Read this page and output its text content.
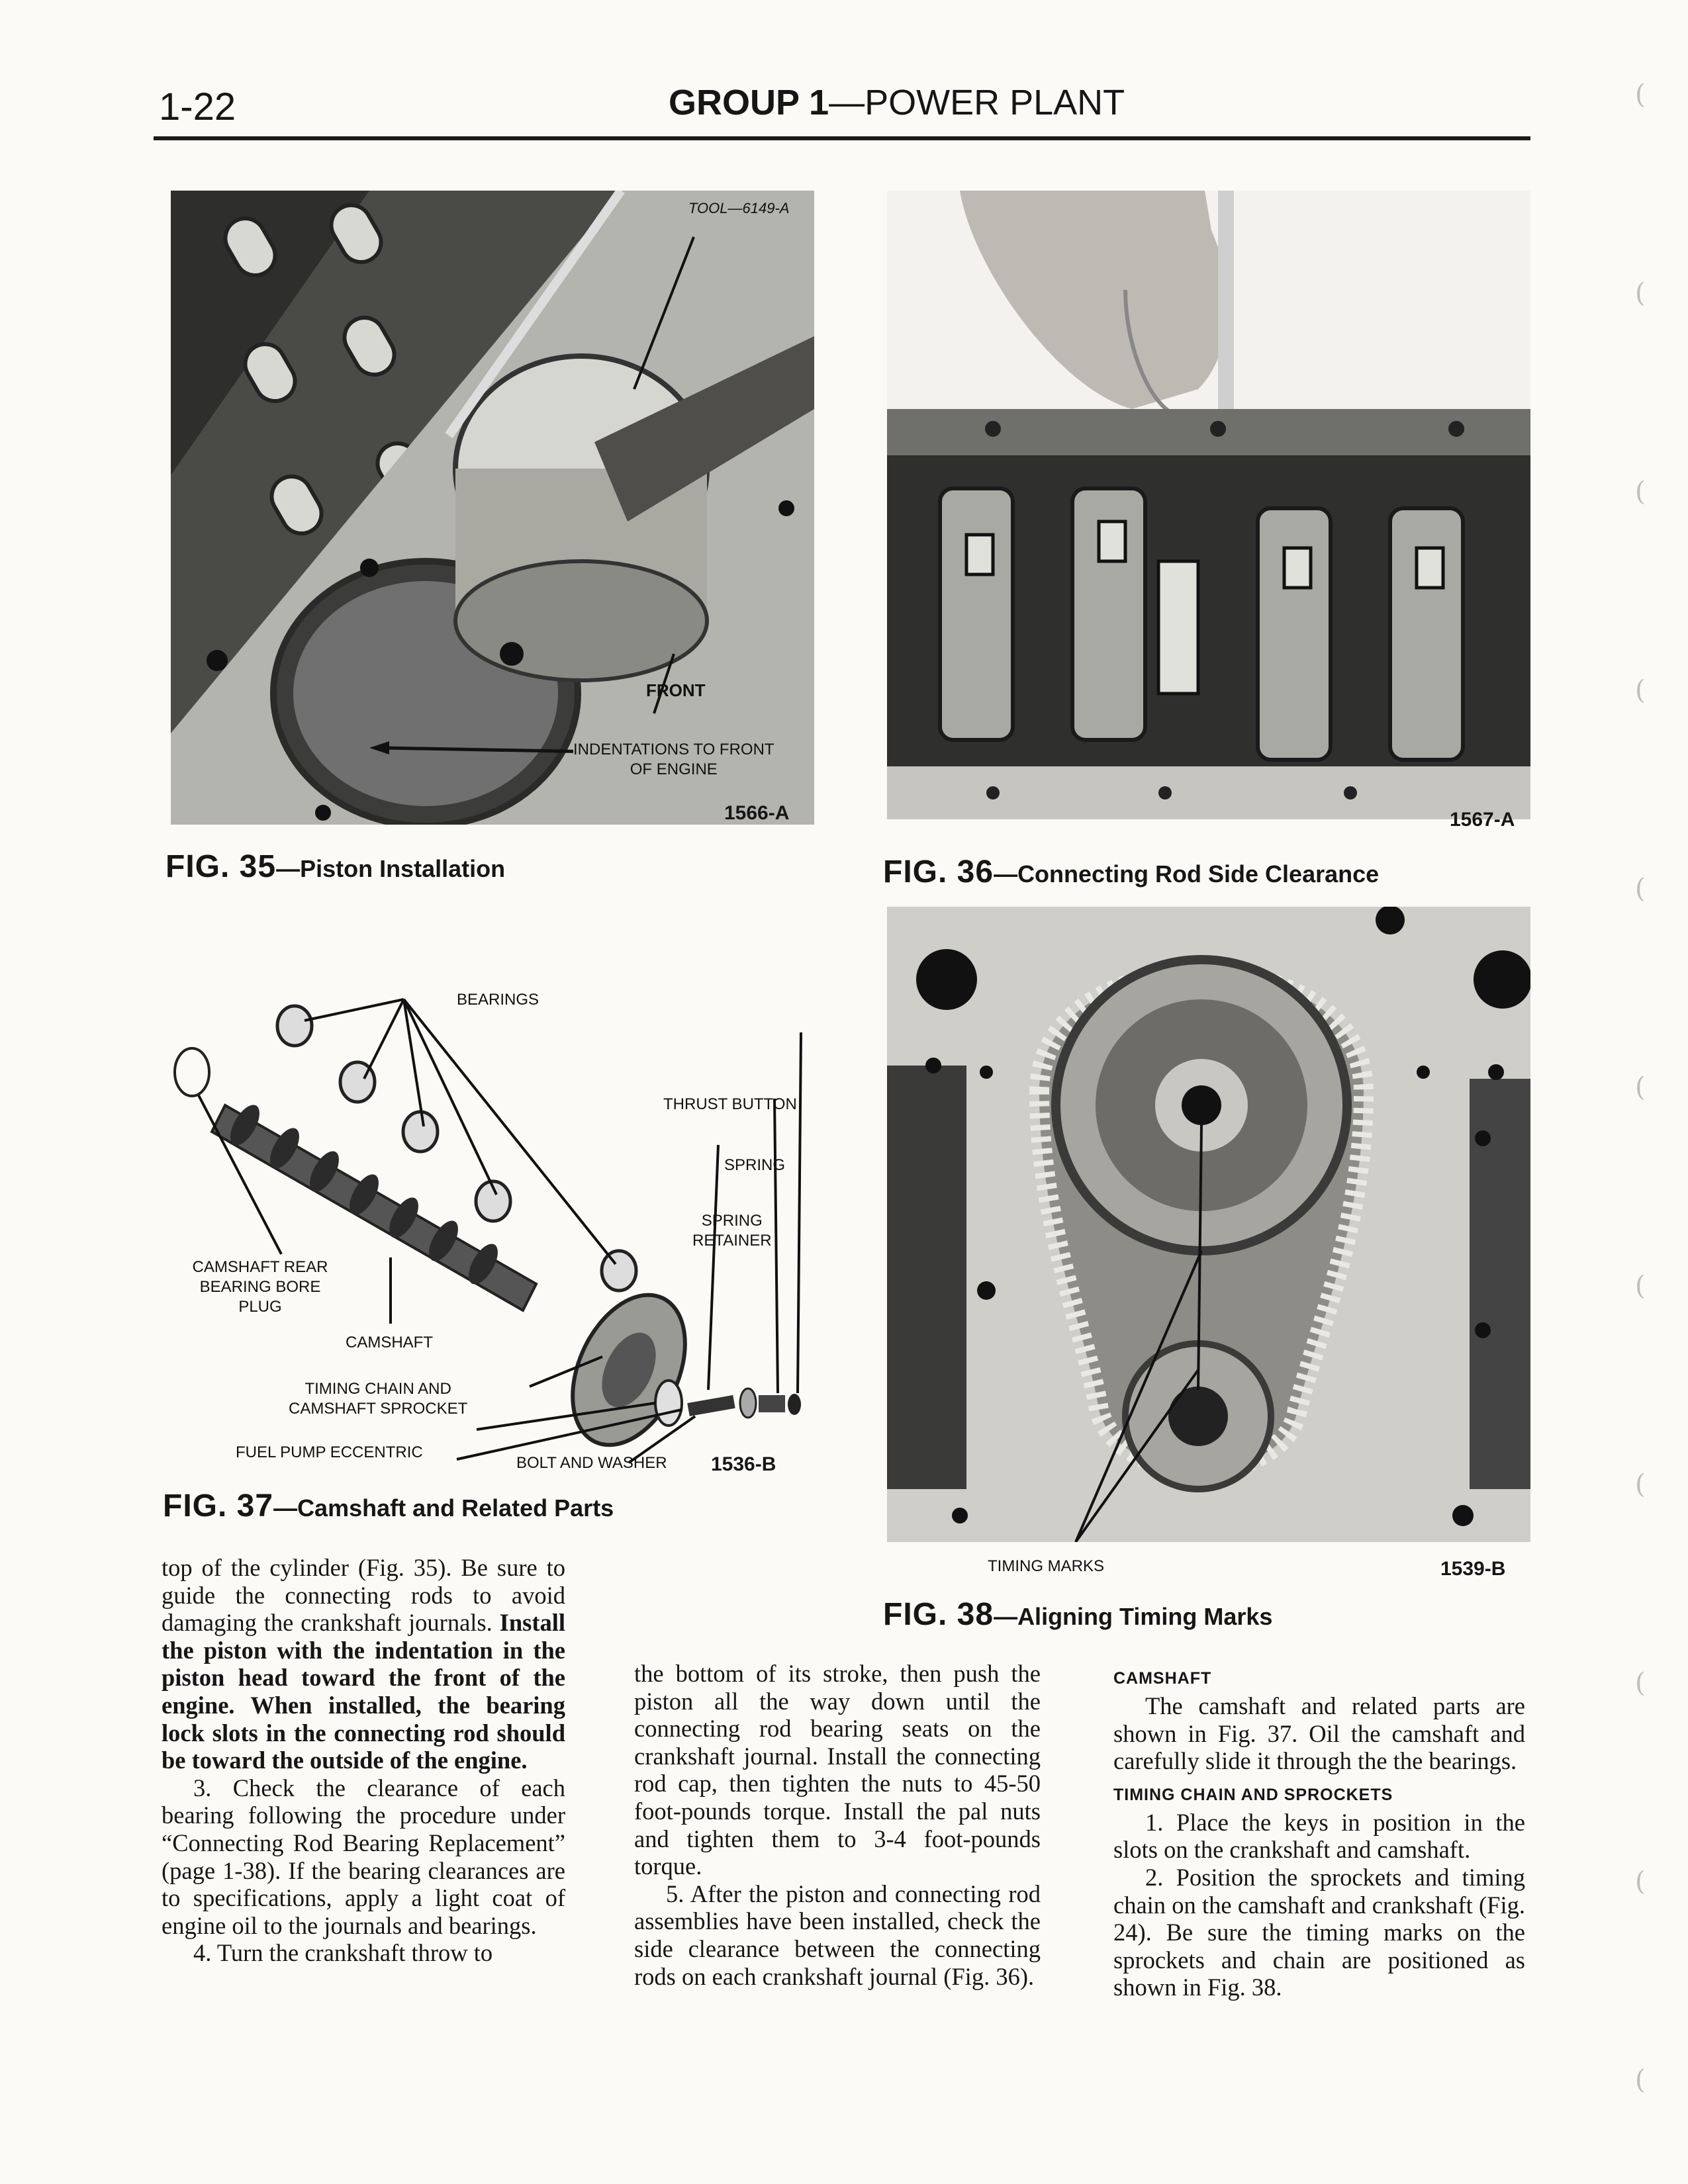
1-22	GROUP 1—POWER PLANT
TOOL—6149-A
FRONT
INDENTATIONS TO FRONT
OF ENGINE
1566-A
FIG. 35—Piston Installation
1567-A
FIG. 36—Connecting Rod Side Clearance
BEARINGS
THRUST BUTTON
SPRING
SPRING
RETAINER
CAMSHAFT REAR
BEARING BORE
PLUG
CAMSHAFT
TIMING CHAIN AND
CAMSHAFT SPROCKET
FUEL PUMP ECCENTRIC
BOLT AND WASHER 1536-B
FIG. 37—Camshaft and Related Parts
TIMING MARKS	1539-B
FIG. 38—Aligning Timing Marks

top of the cylinder (Fig. 35). Be sure to guide the connecting rods to avoid damaging the crankshaft journals. Install the piston with the indentation in the piston head toward the front of the engine. When installed, the bearing lock slots in the connecting rod should be toward the outside of the engine.

3. Check the clearance of each bearing following the procedure under “Connecting Rod Bearing Replacement” (page 1-38). If the bearing clearances are to specifications, apply a light coat of engine oil to the journals and bearings.

4. Turn the crankshaft throw to

the bottom of its stroke, then push the piston all the way down until the connecting rod bearing seats on the crankshaft journal. Install the connecting rod cap, then tighten the nuts to 45-50 foot-pounds torque. Install the pal nuts and tighten them to 3-4 foot-pounds torque.

5. After the piston and connecting rod assemblies have been installed, check the side clearance between the connecting rods on each crankshaft journal (Fig. 36).

CAMSHAFT

The camshaft and related parts are shown in Fig. 37. Oil the camshaft and carefully slide it through the the bearings.

TIMING CHAIN AND SPROCKETS

1. Place the keys in position in the slots on the crankshaft and camshaft.

2. Position the sprockets and timing chain on the camshaft and crankshaft (Fig. 24). Be sure the timing marks on the sprockets and chain are positioned as shown in Fig. 38.

(
(
(
(
(
(
(
(
(
(
(
